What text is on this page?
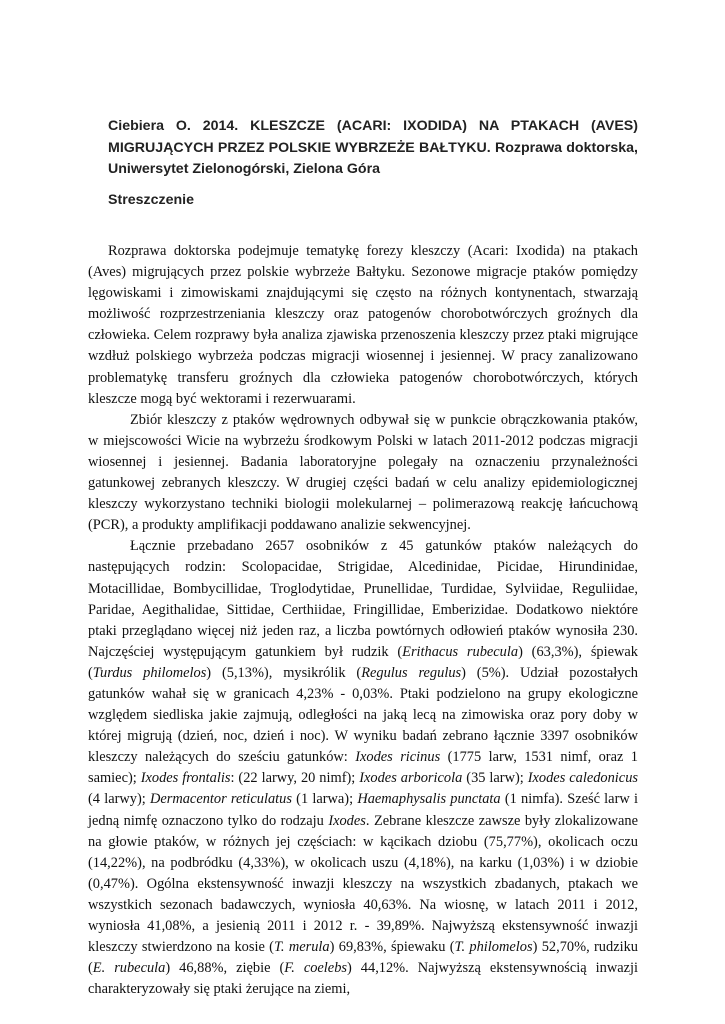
Ciebiera O. 2014. KLESZCZE (ACARI: IXODIDA) NA PTAKACH (AVES) MIGRUJĄCYCH PRZEZ POLSKIE WYBRZEŻE BAŁTYKU. Rozprawa doktorska, Uniwersytet Zielonogórski, Zielona Góra
Streszczenie

Rozprawa doktorska podejmuje tematykę forezy kleszczy (Acari: Ixodida) na ptakach (Aves) migrujących przez polskie wybrzeże Bałtyku. Sezonowe migracje ptaków pomiędzy lęgowiskami i zimowiskami znajdującymi się często na różnych kontynentach, stwarzają możliwość rozprzestrzeniania kleszczy oraz patogenów chorobotwórczych groźnych dla człowieka. Celem rozprawy była analiza zjawiska przenoszenia kleszczy przez ptaki migrujące wzdłuż polskiego wybrzeża podczas migracji wiosennej i jesiennej. W pracy zanalizowano problematykę transferu groźnych dla człowieka patogenów chorobotwórczych, których kleszcze mogą być wektorami i rezerwuarami.

Zbiór kleszczy z ptaków wędrownych odbywał się w punkcie obrączkowania ptaków, w miejscowości Wicie na wybrzeżu środkowym Polski w latach 2011-2012 podczas migracji wiosennej i jesiennej. Badania laboratoryjne polegały na oznaczeniu przynależności gatunkowej zebranych kleszczy. W drugiej części badań w celu analizy epidemiologicznej kleszczy wykorzystano techniki biologii molekularnej – polimerazową reakcję łańcuchową (PCR), a produkty amplifikacji poddawano analizie sekwencyjnej.

Łącznie przebadano 2657 osobników z 45 gatunków ptaków należących do następujących rodzin: Scolopacidae, Strigidae, Alcedinidae, Picidae, Hirundinidae, Motacillidae, Bombycillidae, Troglodytidae, Prunellidae, Turdidae, Sylviidae, Reguliidae, Paridae, Aegithalidae, Sittidae, Certhiidae, Fringillidae, Emberizidae. Dodatkowo niektóre ptaki przeglądano więcej niż jeden raz, a liczba powtórnych odłowień ptaków wynosiła 230. Najczęściej występującym gatunkiem był rudzik (Erithacus rubecula) (63,3%), śpiewak (Turdus philomelos) (5,13%), mysikrólik (Regulus regulus) (5%). Udział pozostałych gatunków wahał się w granicach 4,23% - 0,03%. Ptaki podzielono na grupy ekologiczne względem siedliska jakie zajmują, odległości na jaką lecą na zimowiska oraz pory doby w której migrują (dzień, noc, dzień i noc). W wyniku badań zebrano łącznie 3397 osobników kleszczy należących do sześciu gatunków: Ixodes ricinus (1775 larw, 1531 nimf, oraz 1 samiec); Ixodes frontalis: (22 larwy, 20 nimf); Ixodes arboricola (35 larw); Ixodes caledonicus (4 larwy); Dermacentor reticulatus (1 larwa); Haemaphysalis punctata (1 nimfa). Sześć larw i jedną nimfę oznaczono tylko do rodzaju Ixodes. Zebrane kleszcze zawsze były zlokalizowane na głowie ptaków, w różnych jej częściach: w kącikach dziobu (75,77%), okolicach oczu (14,22%), na podbródku (4,33%), w okolicach uszu (4,18%), na karku (1,03%) i w dziobie (0,47%). Ogólna ekstensywność inwazji kleszczy na wszystkich zbadanych, ptakach we wszystkich sezonach badawczych, wyniosła 40,63%. Na wiosnę, w latach 2011 i 2012, wyniosła 41,08%, a jesienią 2011 i 2012 r. - 39,89%. Najwyższą ekstensywność inwazji kleszczy stwierdzono na kosie (T. merula) 69,83%, śpiewaku (T. philomelos) 52,70%, rudziku (E. rubecula) 46,88%, ziębie (F. coelebs) 44,12%. Najwyższą ekstensywnością inwazji charakteryzowały się ptaki żerujące na ziemi,
